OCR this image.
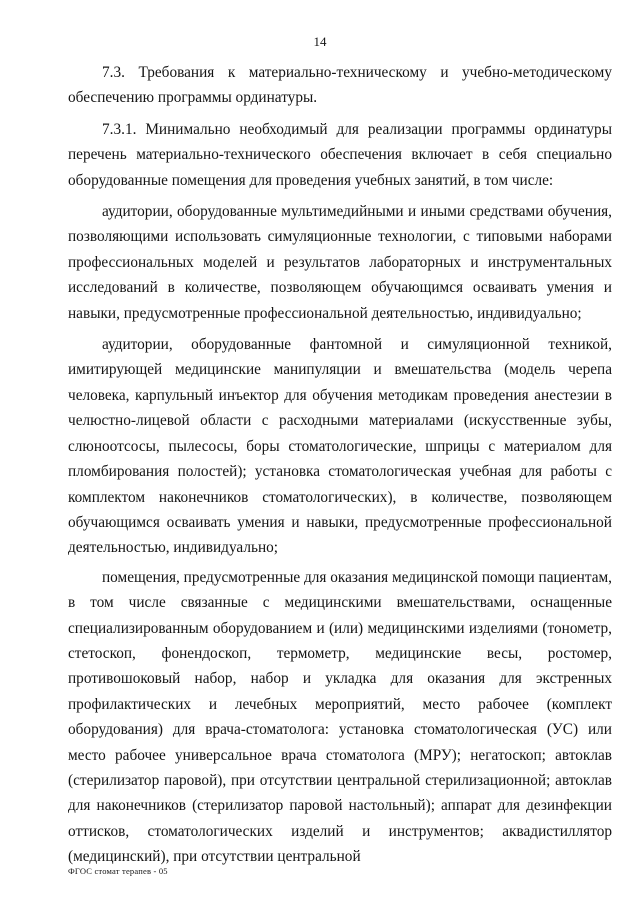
14

7.3. Требования к материально-техническому и учебно-методическому обеспечению программы ординатуры.

7.3.1. Минимально необходимый для реализации программы ординатуры перечень материально-технического обеспечения включает в себя специально оборудованные помещения для проведения учебных занятий, в том числе:

аудитории, оборудованные мультимедийными и иными средствами обучения, позволяющими использовать симуляционные технологии, с типовыми наборами профессиональных моделей и результатов лабораторных и инструментальных исследований в количестве, позволяющем обучающимся осваивать умения и навыки, предусмотренные профессиональной деятельностью, индивидуально;

аудитории, оборудованные фантомной и симуляционной техникой, имитирующей медицинские манипуляции и вмешательства (модель черепа человека, карпульный инъектор для обучения методикам проведения анестезии в челюстно-лицевой области с расходными материалами (искусственные зубы, слюноотсосы, пылесосы, боры стоматологические, шприцы с материалом для пломбирования полостей); установка стоматологическая учебная для работы с комплектом наконечников стоматологических), в количестве, позволяющем обучающимся осваивать умения и навыки, предусмотренные профессиональной деятельностью, индивидуально;

помещения, предусмотренные для оказания медицинской помощи пациентам, в том числе связанные с медицинскими вмешательствами, оснащенные специализированным оборудованием и (или) медицинскими изделиями (тонометр, стетоскоп, фонендоскоп, термометр, медицинские весы, ростомер, противошоковый набор, набор и укладка для оказания для экстренных профилактических и лечебных мероприятий, место рабочее (комплект оборудования) для врача-стоматолога: установка стоматологическая (УС) или место рабочее универсальное врача стоматолога (МРУ); негатоскоп; автоклав (стерилизатор паровой), при отсутствии центральной стерилизационной; автоклав для наконечников (стерилизатор паровой настольный); аппарат для дезинфекции оттисков, стоматологических изделий и инструментов; аквадистиллятор (медицинский), при отсутствии центральной

ФГОС стомат терапев - 05
